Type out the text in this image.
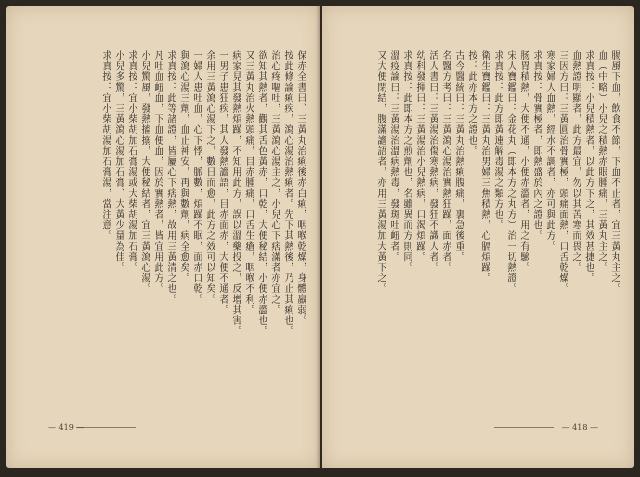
保赤全書曰、三黃丸治痢後赤白痢，咽喉乾燥，身體羸弱。
按此條論痢疾，瀉心湯治熱痢者。先下其熱後，乃止其痢也。
治心疼嘔吐，三黃瀉心湯主之，小兒心下痞滿者亦宜之。
欲知其熱者，觀其舌色黃赤，口乾，大便秘結，小便赤澀也。
又三黃丸治火熱頭痛，目赤腫痛，口舌生瘡，咽喉不利。
病家見其發熱煩躁，不知用此方，誤以溫藥投之，反增其害。
一男子患狂疾，其人發熱譫語，目赤面赤，大便不通者。
余用三黃瀉心湯下之，數日而愈，此方之效可以知矣。
一婦人患吐血，心下悸，脈數，煩躁不眠，面赤口乾。
與瀉心湯三劑，血止神安，再與數劑，病全愈矣。
求真按：此等諸證，皆屬心下痞熱，故用三黃清之也。
凡吐血衄血，下血便血，因於實熱者，皆宜用此方。
小兒驚風，發熱搐搦，大便秘結者，宜三黃瀉心湯。
求真按：宜小柴胡加石膏湯或大柴胡湯加石膏。
小兒多驚，三黃瀉心湯加石膏、大黃少量為佳。
求真按：宜小柴胡湯加石膏湯，當注意。
— 419 —
腸風下血，飲食不節，下血不止者，宜三黃丸主之。
血（中略）小兒之積熱赤眼腫痛，三黃丸主之。
求真按：小兒積熱者，以此方下之，其效甚捷也。
血熱證明顯者，此方最宜，勿以其苦寒而畏之。
三因方曰：三黃圓治骨實極，頭痛面熱，口舌乾燥。
寒家婦人血熱，經水不調者，亦可與此方。
求真按：骨實極者，即熱盛於內之證也。
肠胃積熱，大便不通，小便赤澀者，用之有驗。
宋人寶鑑曰：金花丸（即本方之丸方）治一切熱證。
求真按：此方即黃連解毒湯之類方也。
衛生寶鑑曰：三黃丸治男婦三焦積熱，心膈煩躁。
按：此亦本方之證也。
古今醫統曰：三黃丸治熱痢腹痛，裏急後重。
名醫方考曰：三黃瀉心湯治實熱狂躁，面赤者。
活人書曰：三黃湯治傷寒熱病，發狂不識人者。
幼科發揮曰：三黃湯治小兒熱病，口渴煩躁。
求真按：此即本方之煎劑也，名雖異而方則同。
溫疫論曰：三黃湯治溫病熱毒，發斑吐衄者。
又大便閉結，腹滿譫語者，亦用三黃湯加大黃下之。
— 418 —
